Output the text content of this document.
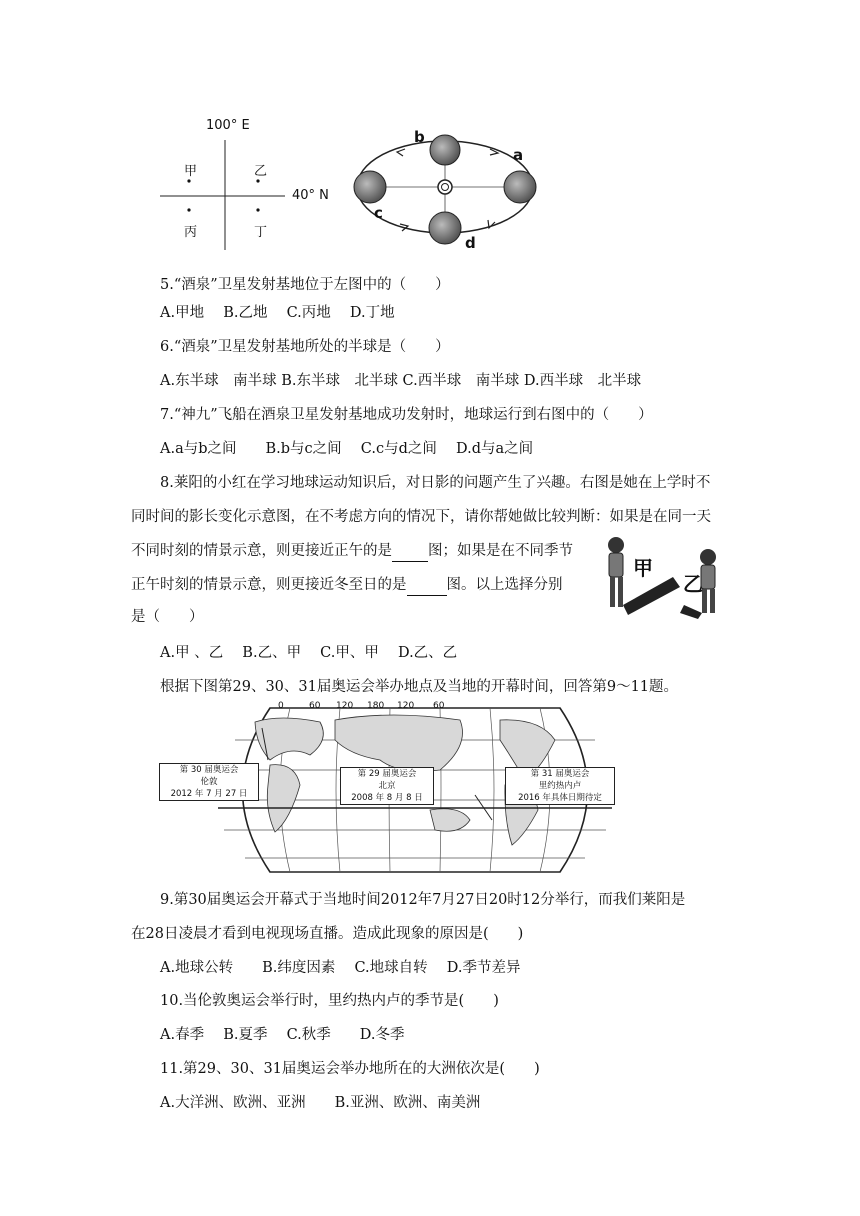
100° E
40° N
甲	乙
丙	丁
b
a
c
d
5.“酒泉”卫星发射基地位于左图中的（　　）
A.甲地　 B.乙地　 C.丙地　 D.丁地
6.“酒泉”卫星发射基地所处的半球是（　　）
A.东半球　南半球 B.东半球　北半球 C.西半球　南半球 D.西半球　北半球
7.“神九”飞船在酒泉卫星发射基地成功发射时，地球运行到右图中的（　　）
A.a与b之间　　B.b与c之间　 C.c与d之间　 D.d与a之间
8.莱阳的小红在学习地球运动知识后，对日影的问题产生了兴趣。右图是她在上学时不
同时间的影长变化示意图，在不考虑方向的情况下，请你帮她做比较判断：如果是在同一天
不同时刻的情景示意，则更接近正午的是 图；如果是在不同季节
正午时刻的情景示意，则更接近冬至日的是	图。以上选择分别
是（　　）
A.甲 、乙　 B.乙、甲　 C.甲、甲　 D.乙、乙
甲
乙
根据下图第29、30、31届奥运会举办地点及当地的开幕时间，回答第9～11题。
0	60 120 180 120 60
第 30 届奥运会
伦敦
2012 年 7 月 27 日
第 29 届奥运会
北京
2008 年 8 月 8 日
第 31 届奥运会
里约热内卢
2016 年具体日期待定
9.第30届奥运会开幕式于当地时间2012年7月27日20时12分举行，而我们莱阳是
在28日凌晨才看到电视现场直播。造成此现象的原因是(　　)
A.地球公转　　B.纬度因素　 C.地球自转　 D.季节差异
10.当伦敦奥运会举行时，里约热内卢的季节是(　　)
A.春季　 B.夏季　 C.秋季　　D.冬季
11.第29、30、31届奥运会举办地所在的大洲依次是(　　)
A.大洋洲、欧洲、亚洲　　B.亚洲、欧洲、南美洲
